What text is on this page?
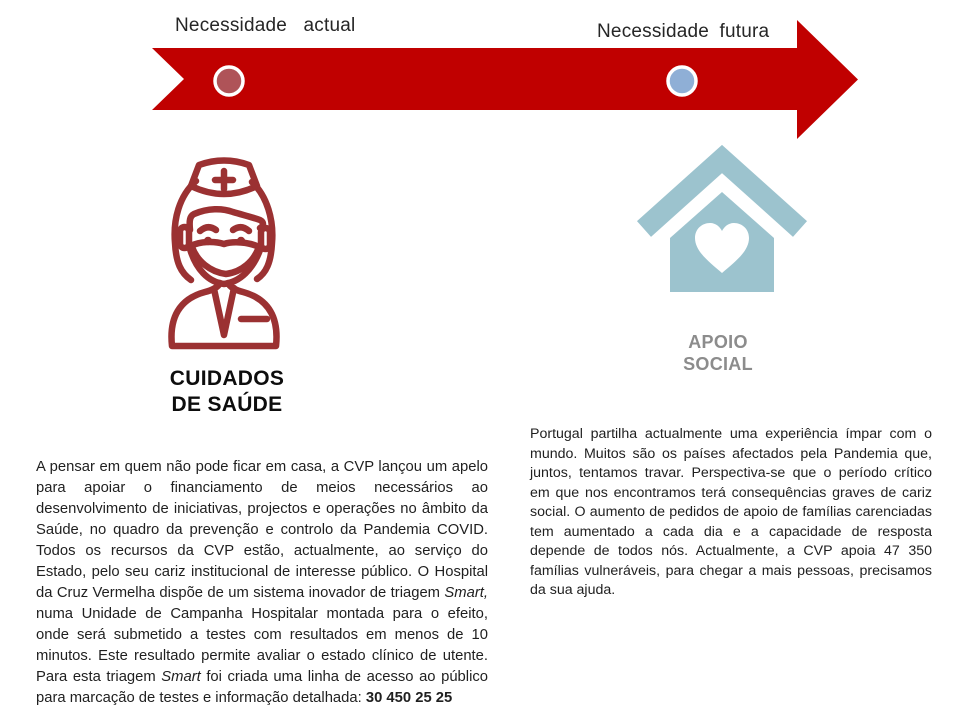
Necessidade actual	Necessidade futura
CUIDADOS
DE SAÚDE
APOIO
SOCIAL

A pensar em quem não pode ficar em casa, a CVP lançou um apelo para apoiar o financiamento de meios necessários ao desenvolvimento de iniciativas, projectos e operações no âmbito da Saúde, no quadro da prevenção e controlo da Pandemia COVID. Todos os recursos da CVP estão, actualmente, ao serviço do Estado, pelo seu cariz institucional de interesse público. O Hospital da Cruz Vermelha dispõe de um sistema inovador de triagem Smart, numa Unidade de Campanha Hospitalar montada para o efeito, onde será submetido a testes com resultados em menos de 10 minutos. Este resultado permite avaliar o estado clínico de utente. Para esta triagem Smart foi criada uma linha de acesso ao público para marcação de testes e informação detalhada: 30 450 25 25

Portugal partilha actualmente uma experiência ímpar com o mundo. Muitos são os países afectados pela Pandemia que, juntos, tentamos travar. Perspectiva-se que o período crítico em que nos encontramos terá consequências graves de cariz social. O aumento de pedidos de apoio de famílias carenciadas tem aumentado a cada dia e a capacidade de resposta depende de todos nós. Actualmente, a CVP apoia 47 350 famílias vulneráveis, para chegar a mais pessoas, precisamos da sua ajuda.
